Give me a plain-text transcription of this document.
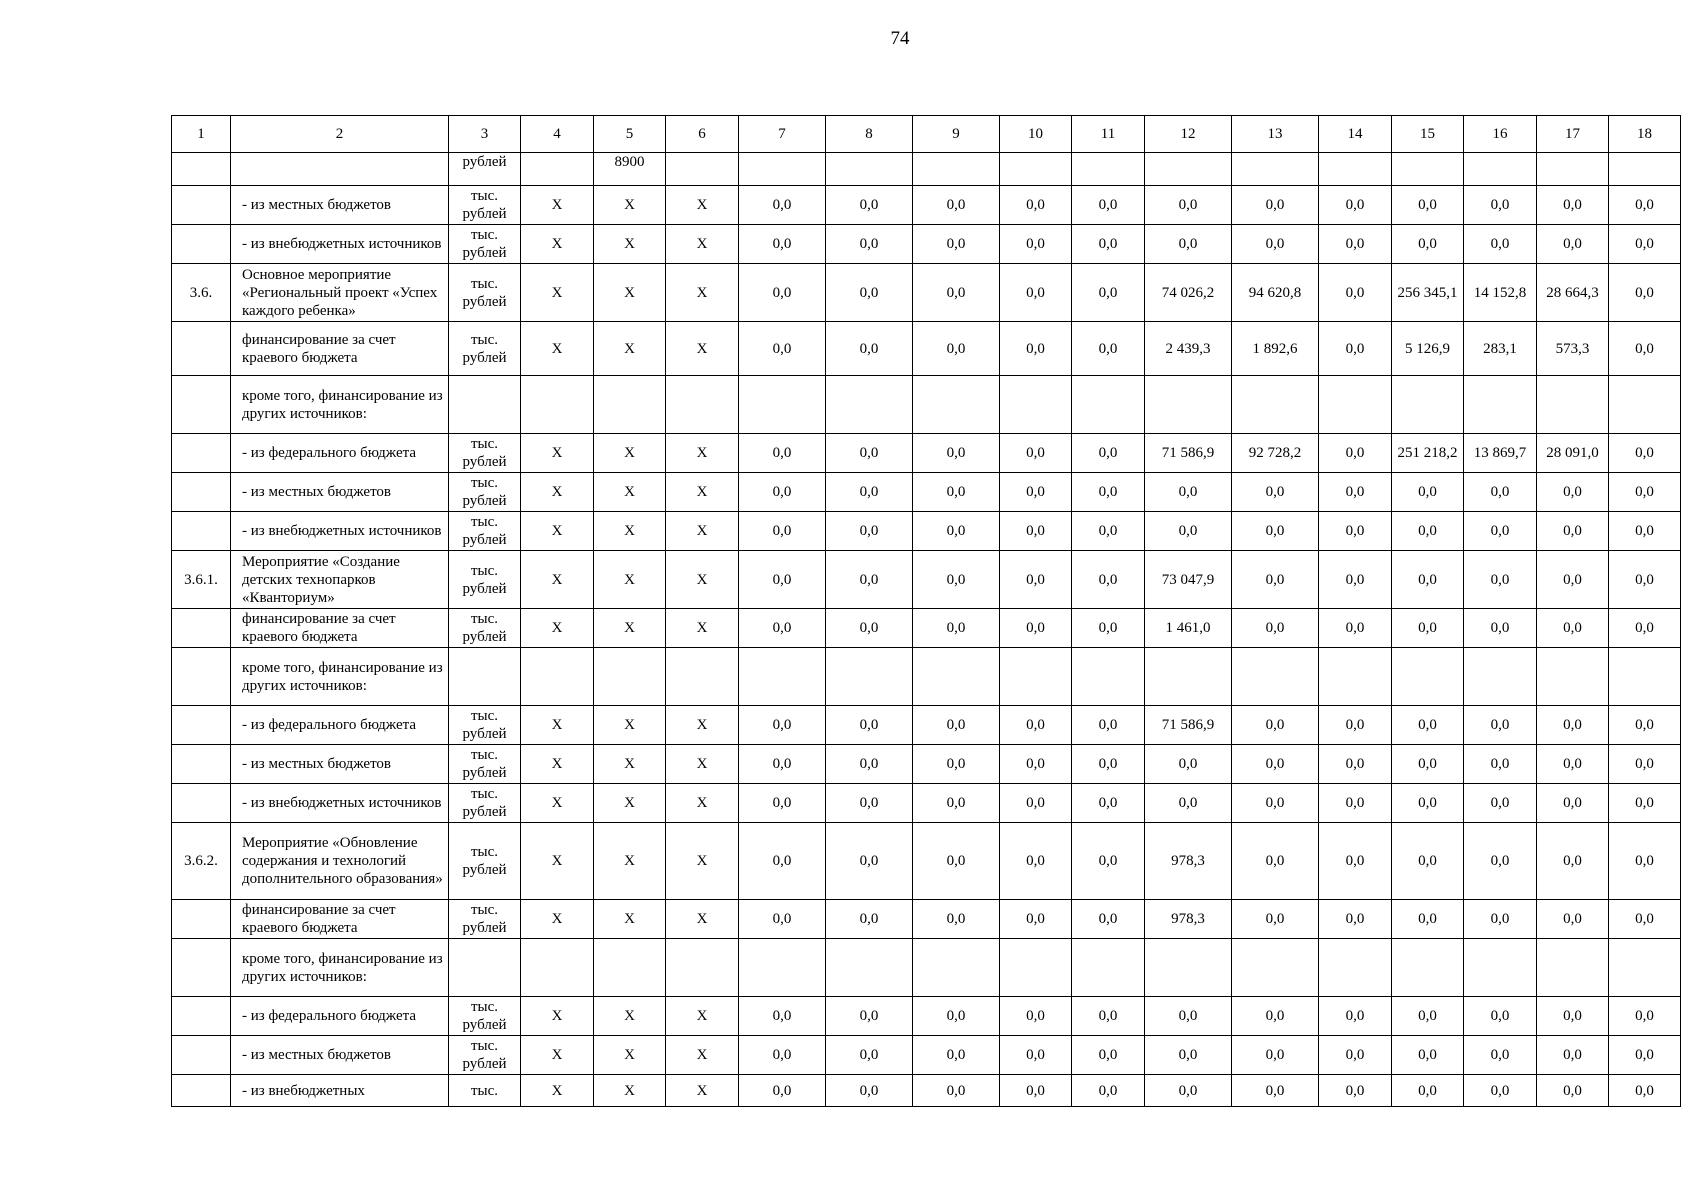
74
1	2	3	4	5	6	7	8	9	10	11	12	13	14	15	16	17	18
		рублей		8900													
	- из местных бюджетов	тыс. рублей	Х	Х	Х	0,0	0,0	0,0	0,0	0,0	0,0	0,0	0,0	0,0	0,0	0,0	0,0
	- из внебюджетных источников	тыс. рублей	Х	Х	Х	0,0	0,0	0,0	0,0	0,0	0,0	0,0	0,0	0,0	0,0	0,0	0,0
3.6.	Основное мероприятие «Региональный проект «Успех каждого ребенка»	тыс. рублей	Х	Х	Х	0,0	0,0	0,0	0,0	0,0	74 026,2	94 620,8	0,0	256 345,1	14 152,8	28 664,3	0,0
	финансирование за счет краевого бюджета	тыс. рублей	Х	Х	Х	0,0	0,0	0,0	0,0	0,0	2 439,3	1 892,6	0,0	5 126,9	283,1	573,3	0,0
	кроме того, финансирование из других источников:																
	- из федерального бюджета	тыс. рублей	Х	Х	Х	0,0	0,0	0,0	0,0	0,0	71 586,9	92 728,2	0,0	251 218,2	13 869,7	28 091,0	0,0
	- из местных бюджетов	тыс. рублей	Х	Х	Х	0,0	0,0	0,0	0,0	0,0	0,0	0,0	0,0	0,0	0,0	0,0	0,0
	- из внебюджетных источников	тыс. рублей	Х	Х	Х	0,0	0,0	0,0	0,0	0,0	0,0	0,0	0,0	0,0	0,0	0,0	0,0
3.6.1.	Мероприятие «Создание детских технопарков «Кванториум»	тыс. рублей	Х	Х	Х	0,0	0,0	0,0	0,0	0,0	73 047,9	0,0	0,0	0,0	0,0	0,0	0,0
	финансирование за счет краевого бюджета	тыс. рублей	Х	Х	Х	0,0	0,0	0,0	0,0	0,0	1 461,0	0,0	0,0	0,0	0,0	0,0	0,0
	кроме того, финансирование из других источников:																
	- из федерального бюджета	тыс. рублей	Х	Х	Х	0,0	0,0	0,0	0,0	0,0	71 586,9	0,0	0,0	0,0	0,0	0,0	0,0
	- из местных бюджетов	тыс. рублей	Х	Х	Х	0,0	0,0	0,0	0,0	0,0	0,0	0,0	0,0	0,0	0,0	0,0	0,0
	- из внебюджетных источников	тыс. рублей	Х	Х	Х	0,0	0,0	0,0	0,0	0,0	0,0	0,0	0,0	0,0	0,0	0,0	0,0
3.6.2.	Мероприятие «Обновление содержания и технологий дополнительного образования»	тыс. рублей	Х	Х	Х	0,0	0,0	0,0	0,0	0,0	978,3	0,0	0,0	0,0	0,0	0,0	0,0
	финансирование за счет краевого бюджета	тыс. рублей	Х	Х	Х	0,0	0,0	0,0	0,0	0,0	978,3	0,0	0,0	0,0	0,0	0,0	0,0
	кроме того, финансирование из других источников:																
	- из федерального бюджета	тыс. рублей	Х	Х	Х	0,0	0,0	0,0	0,0	0,0	0,0	0,0	0,0	0,0	0,0	0,0	0,0
	- из местных бюджетов	тыс. рублей	Х	Х	Х	0,0	0,0	0,0	0,0	0,0	0,0	0,0	0,0	0,0	0,0	0,0	0,0
	- из внебюджетных	тыс.	Х	Х	Х	0,0	0,0	0,0	0,0	0,0	0,0	0,0	0,0	0,0	0,0	0,0	0,0
